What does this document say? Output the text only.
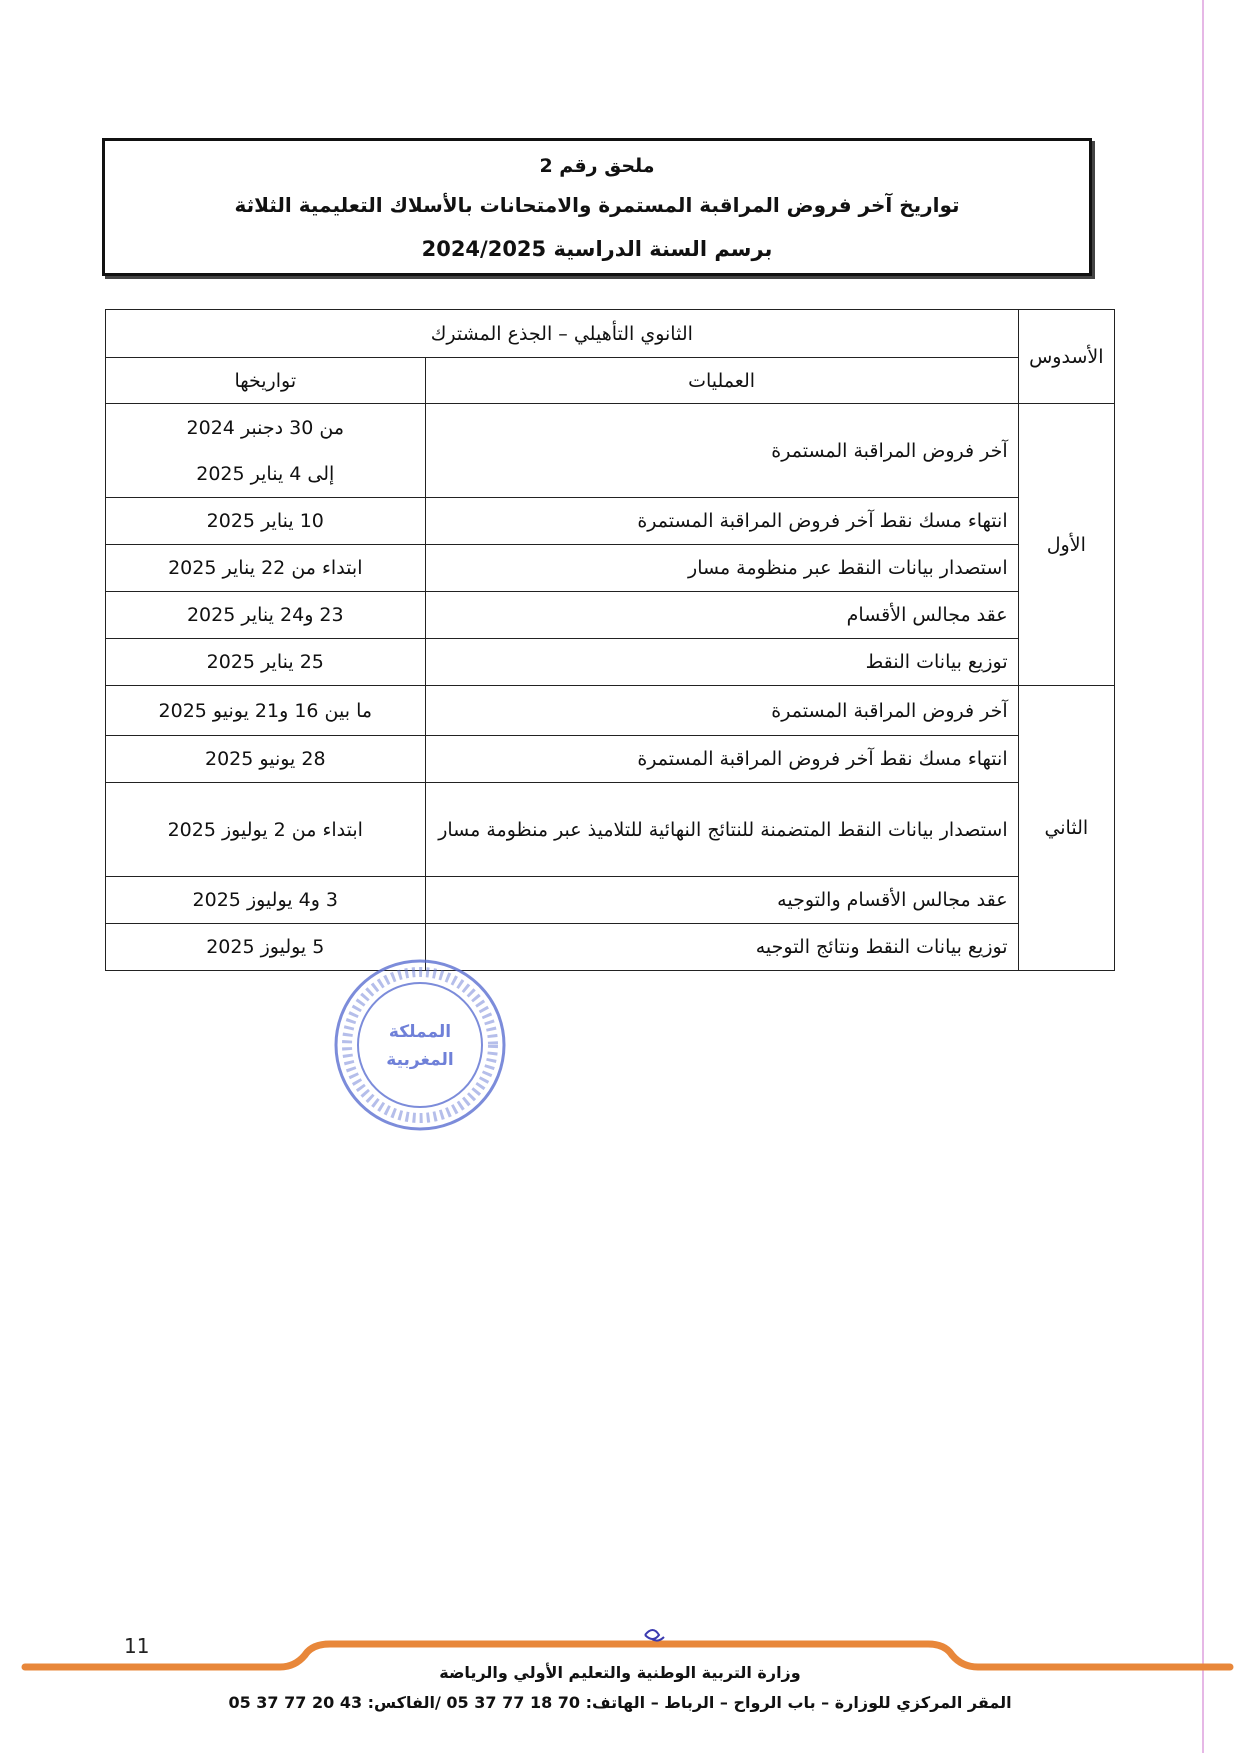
ملحق رقم 2
تواريخ آخر فروض المراقبة المستمرة والامتحانات بالأسلاك التعليمية الثلاثة
برسم السنة الدراسية 2024/2025
الأسدوس	الثانوي التأهيلي – الجذع المشترك	
	العمليات	تواريخها
الأول	آخر فروض المراقبة المستمرة	من 30 دجنبر 2024
إلى 4 يناير 2025

	انتهاء مسك نقط آخر فروض المراقبة المستمرة	10 يناير 2025
	استصدار بيانات النقط عبر منظومة مسار	ابتداء من 22 يناير 2025
	عقد مجالس الأقسام	23 و24 يناير 2025
	توزيع بيانات النقط	25 يناير 2025
الثاني	آخر فروض المراقبة المستمرة	ما بين 16 و21 يونيو 2025
	انتهاء مسك نقط آخر فروض المراقبة المستمرة	28 يونيو 2025
	استصدار بيانات النقط المتضمنة للنتائج النهائية للتلاميذ عبر منظومة مسار	ابتداء من 2 يوليوز 2025
	عقد مجالس الأقسام والتوجيه	3 و4 يوليوز 2025
	توزيع بيانات النقط ونتائج التوجيه	5 يوليوز 2025
المملكة
المغربية
11
وزارة التربية الوطنية والتعليم الأولي والرياضة
المقر المركزي للوزارة – باب الرواح – الرباط – الهاتف: 70 18 77 37 05 /الفاكس: 43 20 77 37 05
